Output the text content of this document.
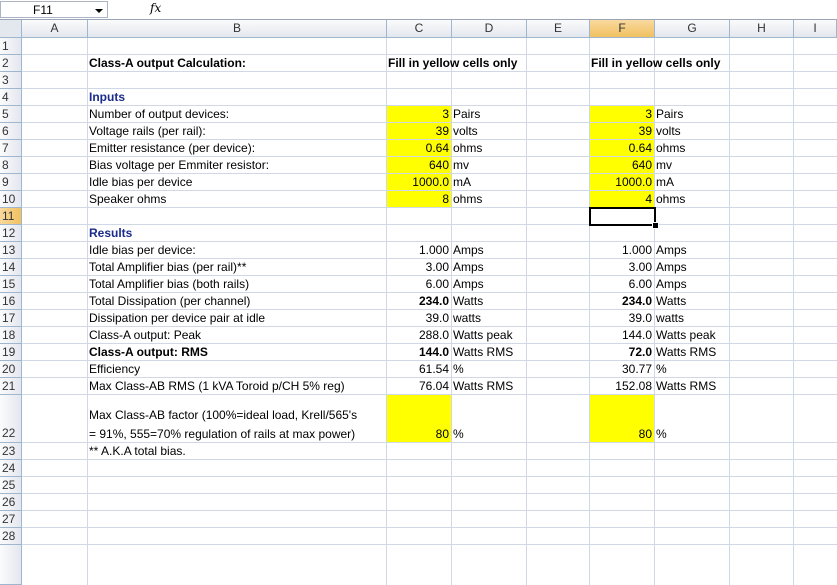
F11	fx
A	B	C	D	E	F	G	H	I
1
2
3
4
5
6
7
8
9
10
11
12
13
14
15
16
17
18
19
20
21
22
23
24
25
26
27
28
Class-A output Calculation:	Fill in yellow cells only	Fill in yellow cells only
Inputs
Number of output devices:	3 Pairs	3 Pairs
Voltage rails (per rail):	39 volts	39 volts
Emitter resistance (per device):	0.64 ohms	0.64 ohms
Bias voltage per Emmiter resistor:	640 mv	640 mv
Idle bias per device	1000.0 mA	1000.0 mA
Speaker ohms	8 ohms	4 ohms
Results
Idle bias per device:	1.000 Amps	1.000 Amps
Total Amplifier bias (per rail)**	3.00 Amps	3.00 Amps
Total Amplifier bias (both rails)	6.00 Amps	6.00 Amps
Total Dissipation (per channel)	234.0 Watts	234.0 Watts
Dissipation per device pair at idle	39.0 watts	39.0 watts
Class-A output: Peak	288.0 Watts peak	144.0 Watts peak
Class-A output: RMS	144.0 Watts RMS	72.0 Watts RMS
Efficiency	61.54 %	30.77 %
Max Class-AB RMS (1 kVA Toroid p/CH 5% reg)	76.04 Watts RMS	152.08 Watts RMS
Max Class-AB factor (100%=ideal load, Krell/565's
= 91%, 555=70% regulation of rails at max power)	80 %	80 %
** A.K.A total bias.
